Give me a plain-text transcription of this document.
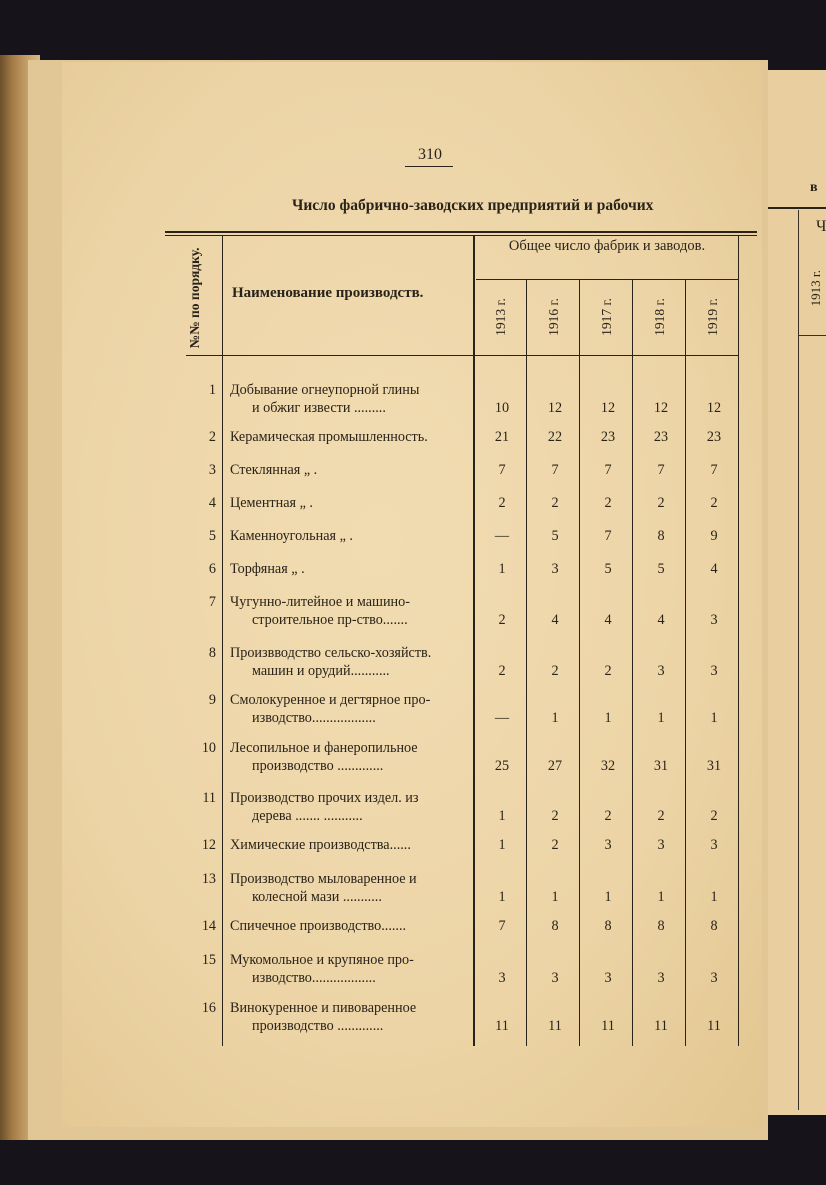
в
Ч
1913 г.
310
Число фабрично-заводских предприятий и рабочих
№№ по порядку.	Наименование производств.
Общее число фабрик и заводов.
1913 г.	1916 г.	1917 г.	1918 г.	1919 г.
1 Добывание огнеупорной глины
и обжиг извести .........	10	12	12	12	12
2 Керамическая промышленность.	21	22	23	23	23
3 Стеклянная „ .	7	7	7	7	7
4 Цементная „ .	2	2	2	2	2
5 Каменноугольная „ .	—	5	7	8	9
6 Торфяная „ .	1	3	5	5	4
7 Чугунно-литейное и машино-
строительное пр-ство.......	2	4	4	4	3
8 Произвводство сельско-хозяйств.
машин и орудий...........	2	2	2	3	3
9 Смолокуренное и дегтярное про-
изводство..................	—	1	1	1	1
10 Лесопильное и фанеропильное
производство .............	25	27	32	31	31
11 Производство прочих издел. из
дерева ....... ...........	1	2	2	2	2
12 Химические производства......	1	2	3	3	3
13 Производство мыловаренное и
колесной мази ...........	1	1	1	1	1
14 Спичечное производство.......	7	8	8	8	8
15 Мукомольное и крупяное про-
изводство..................	3	3	3	3	3
16 Винокуренное и пивоваренное
производство .............	11	11	11	11	11
